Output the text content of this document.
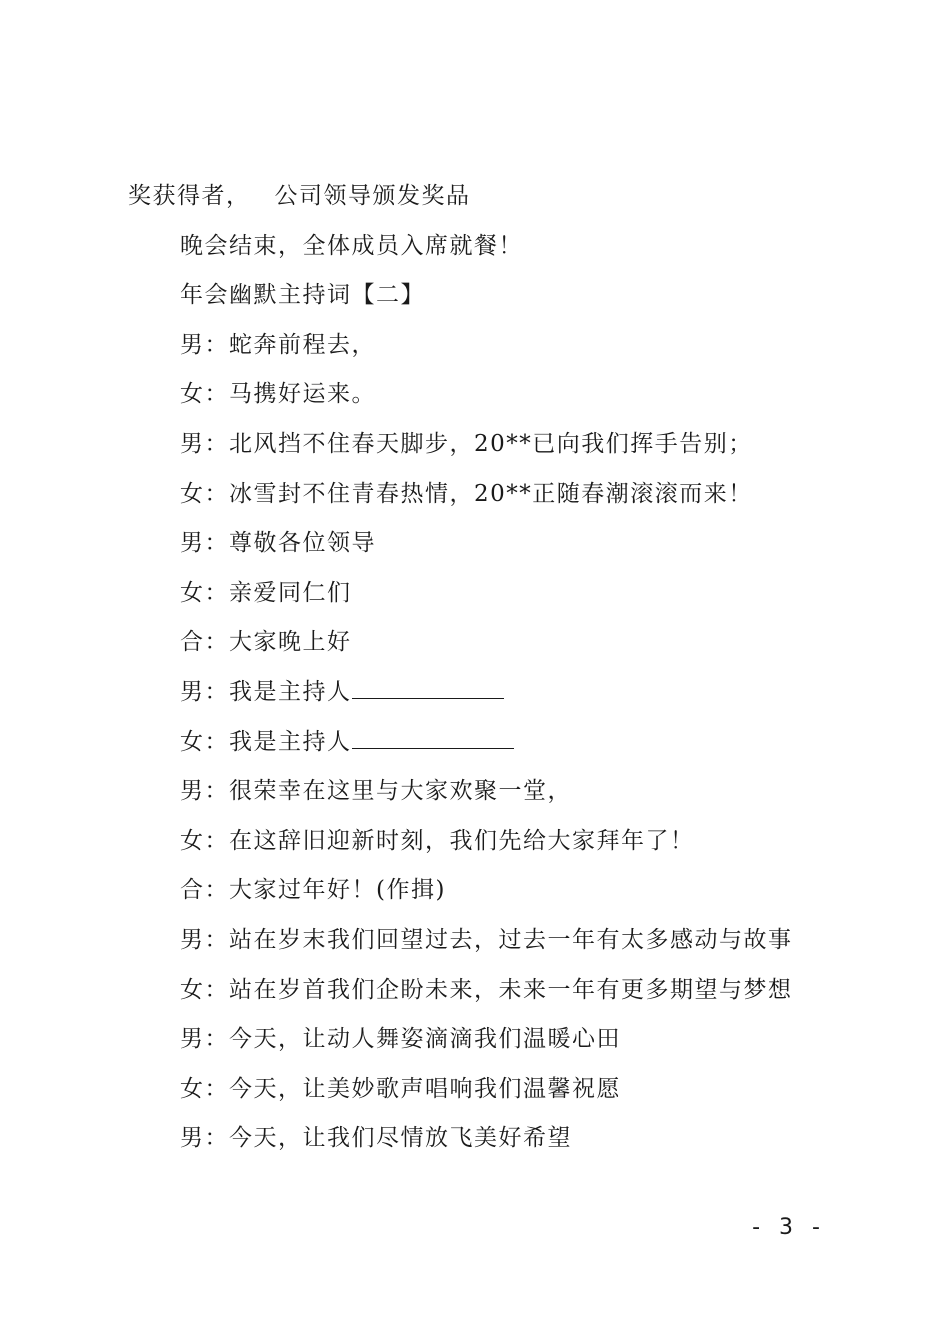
奖获得者， 公司领导颁发奖品
晚会结束，全体成员入席就餐！
年会幽默主持词【二】
男：蛇奔前程去，
女：马携好运来。
男：北风挡不住春天脚步，20**已向我们挥手告别；
女：冰雪封不住青春热情，20**正随春潮滚滚而来！
男：尊敬各位领导
女：亲爱同仁们
合：大家晚上好
男：我是主持人
女：我是主持人
男：很荣幸在这里与大家欢聚一堂，
女：在这辞旧迎新时刻，我们先给大家拜年了！
合：大家过年好！(作揖)
男：站在岁末我们回望过去，过去一年有太多感动与故事
女：站在岁首我们企盼未来，未来一年有更多期望与梦想
男：今天，让动人舞姿滴滴我们温暖心田
女：今天，让美妙歌声唱响我们温馨祝愿
男：今天，让我们尽情放飞美好希望
- 3 -
